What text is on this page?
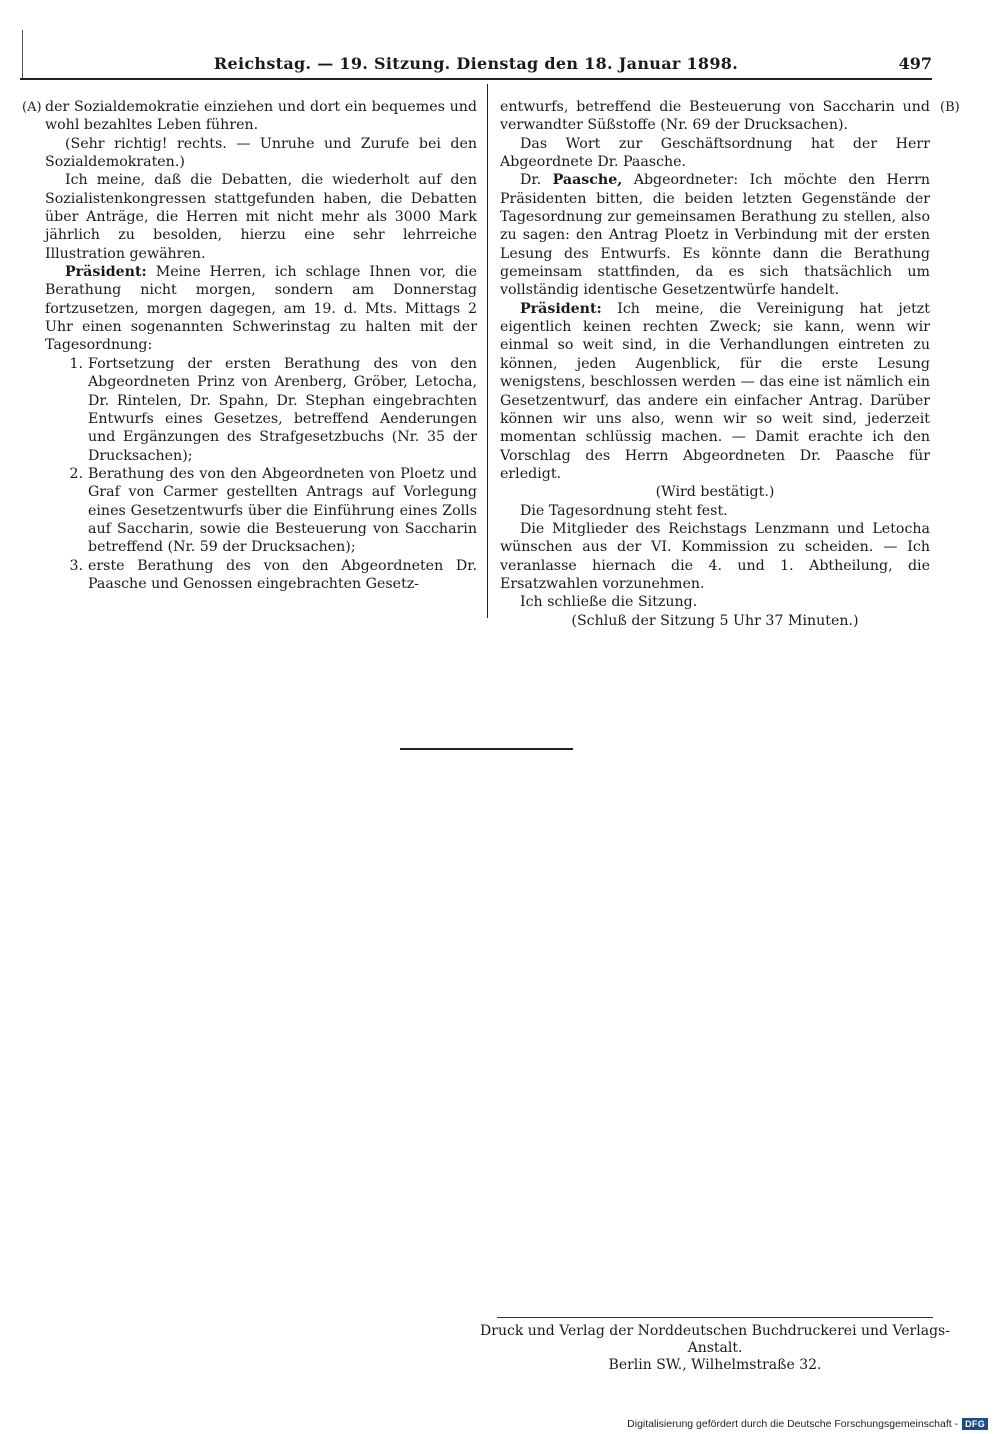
Reichstag. — 19. Sitzung. Dienstag den 18. Januar 1898.	497
(A)	(B)

der Sozialdemokratie einziehen und dort ein bequemes und wohl bezahltes Leben führen.

(Sehr richtig! rechts. — Unruhe und Zurufe bei den Sozialdemokraten.)

Ich meine, daß die Debatten, die wiederholt auf den Sozialistenkongressen stattgefunden haben, die Debatten über Anträge, die Herren mit nicht mehr als 3000 Mark jährlich zu besolden, hierzu eine sehr lehrreiche Illustration gewähren.

Präsident: Meine Herren, ich schlage Ihnen vor, die Berathung nicht morgen, sondern am Donnerstag fortzusetzen, morgen dagegen, am 19. d. Mts. Mittags 2 Uhr einen sogenannten Schwerinstag zu halten mit der Tagesordnung:

1. Fortsetzung der ersten Berathung des von den Abgeordneten Prinz von Arenberg, Gröber, Letocha, Dr. Rintelen, Dr. Spahn, Dr. Stephan eingebrachten Entwurfs eines Gesetzes, betreffend Aenderungen und Ergänzungen des Strafgesetzbuchs (Nr. 35 der Drucksachen);
2. Berathung des von den Abgeordneten von Ploetz und Graf von Carmer gestellten Antrags auf Vorlegung eines Gesetzentwurfs über die Einführung eines Zolls auf Saccharin, sowie die Besteuerung von Saccharin betreffend (Nr. 59 der Drucksachen);
3. erste Berathung des von den Abgeordneten Dr. Paasche und Genossen eingebrachten Gesetz-

entwurfs, betreffend die Besteuerung von Saccharin und verwandter Süßstoffe (Nr. 69 der Drucksachen).

Das Wort zur Geschäftsordnung hat der Herr Abgeordnete Dr. Paasche.

Dr. Paasche, Abgeordneter: Ich möchte den Herrn Präsidenten bitten, die beiden letzten Gegenstände der Tagesordnung zur gemeinsamen Berathung zu stellen, also zu sagen: den Antrag Ploetz in Verbindung mit der ersten Lesung des Entwurfs. Es könnte dann die Berathung gemeinsam stattfinden, da es sich thatsächlich um vollständig identische Gesetzentwürfe handelt.

Präsident: Ich meine, die Vereinigung hat jetzt eigentlich keinen rechten Zweck; sie kann, wenn wir einmal so weit sind, in die Verhandlungen eintreten zu können, jeden Augenblick, für die erste Lesung wenigstens, beschlossen werden — das eine ist nämlich ein Gesetzentwurf, das andere ein einfacher Antrag. Darüber können wir uns also, wenn wir so weit sind, jederzeit momentan schlüssig machen. — Damit erachte ich den Vorschlag des Herrn Abgeordneten Dr. Paasche für erledigt.

(Wird bestätigt.)

Die Tagesordnung steht fest.

Die Mitglieder des Reichstags Lenzmann und Letocha wünschen aus der VI. Kommission zu scheiden. — Ich veranlasse hiernach die 4. und 1. Abtheilung, die Ersatzwahlen vorzunehmen.

Ich schließe die Sitzung.

(Schluß der Sitzung 5 Uhr 37 Minuten.)

Druck und Verlag der Norddeutschen Buchdruckerei und Verlags-Anstalt.
Berlin SW., Wilhelmstraße 32.
Digitalisierung gefördert durch die Deutsche Forschungsgemeinschaft - DFG
